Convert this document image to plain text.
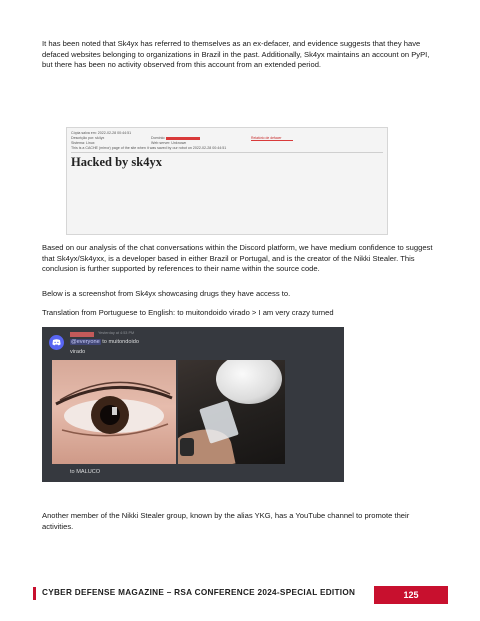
It has been noted that Sk4yx has referred to themselves as an ex-defacer, and evidence suggests that they have defaced websites belonging to organizations in Brazil in the past. Additionally, Sk4yx maintains an account on PyPI, but there has been no activity observed from this account from an extended period.

Cópia salva em: 2022-02-28 00:44:51
Descrição por: sk4yx	Domínio:
Sistema: Linux	Web server: Unknown
This is a CACHE (mirror) page of the site when it was saved by our robot on 2022-02-28 00:44:51
Relatório de defacer
Hacked by sk4yx

Based on our analysis of the chat conversations within the Discord platform, we have medium confidence to suggest that Sk4yx/Sk4yxx, is a developer based in either Brazil or Portugal, and is the creator of the Nikki Stealer. This conclusion is further supported by references to their name within the source code.

Below is a screenshot from Sk4yx showcasing drugs they have access to.

Translation from Portuguese to English: to muitondoido virado > I am very crazy turned

Yesterday at 4:53 PM
@everyone to muitondoido
virado
to MALUCO

Another member of the Nikki Stealer group, known by the alias YKG, has a YouTube channel to promote their activities.

CYBER DEFENSE MAGAZINE – RSA CONFERENCE 2024-SPECIAL EDITION	125
